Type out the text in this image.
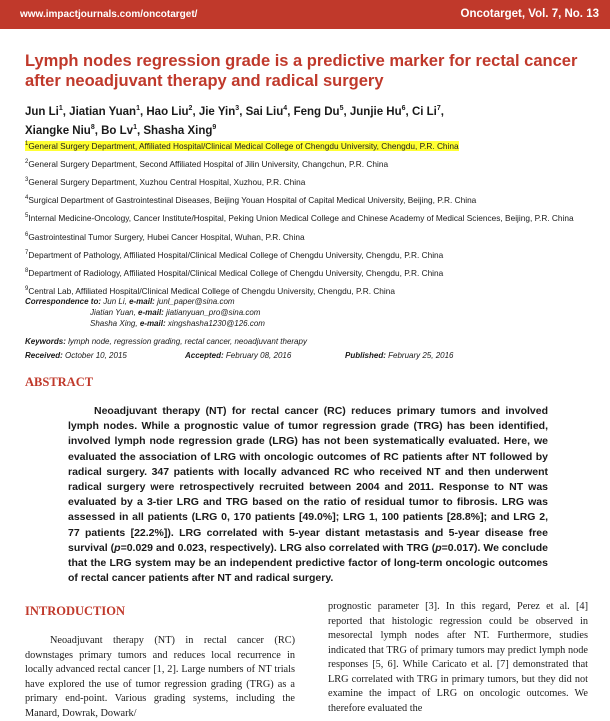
www.impactjournals.com/oncotarget/	Oncotarget, Vol. 7, No. 13
Lymph nodes regression grade is a predictive marker for rectal cancer after neoadjuvant therapy and radical surgery
Jun Li$^1$, Jiatian Yuan$^1$, Hao Liu$^2$, Jie Yin$^3$, Sai Liu$^4$, Feng Du$^5$, Junjie Hu$^6$, Ci Li$^7$,
Xiangke Niu$^8$, Bo Lv$^1$, Shasha Xing$^9$
$^1$General Surgery Department, Affiliated Hospital/Clinical Medical College of Chengdu University, Chengdu, P.R. China
$^2$General Surgery Department, Second Affiliated Hospital of Jilin University, Changchun, P.R. China
$^3$General Surgery Department, Xuzhou Central Hospital, Xuzhou, P.R. China
$^4$Surgical Department of Gastrointestinal Diseases, Beijing Youan Hospital of Capital Medical University, Beijing, P.R. China
$^5$Internal Medicine-Oncology, Cancer Institute/Hospital, Peking Union Medical College and Chinese Academy of Medical Sciences, Beijing, P.R. China
$^6$Gastrointestinal Tumor Surgery, Hubei Cancer Hospital, Wuhan, P.R. China
$^7$Department of Pathology, Affiliated Hospital/Clinical Medical College of Chengdu University, Chengdu, P.R. China
$^8$Department of Radiology, Affiliated Hospital/Clinical Medical College of Chengdu University, Chengdu, P.R. China
$^9$Central Lab, Affiliated Hospital/Clinical Medical College of Chengdu University, Chengdu, P.R. China
Correspondence to: Jun Li, e-mail: junl_paper@sina.com
Jiatian Yuan, e-mail: jiatianyuan_pro@sina.com
Shasha Xing, e-mail: xingshasha1230@126.com
Keywords: lymph node, regression grading, rectal cancer, neoadjuvant therapy
Received: October 10, 2015	Accepted: February 08, 2016	Published: February 25, 2016
ABSTRACT

Neoadjuvant therapy (NT) for rectal cancer (RC) reduces primary tumors and involved lymph nodes. While a prognostic value of tumor regression grade (TRG) has been identified, involved lymph node regression grade (LRG) has not been systematically evaluated. Here, we evaluated the association of LRG with oncologic outcomes of RC patients after NT followed by radical surgery. 347 patients with locally advanced RC who received NT and then underwent radical surgery were retrospectively recruited between 2004 and 2011. Response to NT was evaluated by a 3-tier LRG and TRG based on the ratio of residual tumor to fibrosis. LRG was assessed in all patients (LRG 0, 170 patients [49.0%]; LRG 1, 100 patients [28.8%]; and LRG 2, 77 patients [22.2%]). LRG correlated with 5-year distant metastasis and 5-year disease free survival (p=0.029 and 0.023, respectively). LRG also correlated with TRG (p=0.017). We conclude that the LRG system may be an independent predictive factor of long-term oncologic outcomes of rectal cancer patients after NT and radical surgery.

INTRODUCTION

Neoadjuvant therapy (NT) in rectal cancer (RC) downstages primary tumors and reduces local recurrence in locally advanced rectal cancer [1, 2]. Large numbers of NT trials have explored the use of tumor regression grading (TRG) as a primary end-point. Various grading systems, including the Manard, Dowrak, Dowark/

prognostic parameter [3]. In this regard, Perez et al. [4] reported that histologic regression could be observed in mesorectal lymph nodes after NT. Furthermore, studies indicated that TRG of primary tumors may predict lymph node responses [5, 6]. While Caricato et al. [7] demonstrated that LRG correlated with TRG in primary tumors, but they did not examine the impact of LRG on oncologic outcomes. We therefore evaluated the
